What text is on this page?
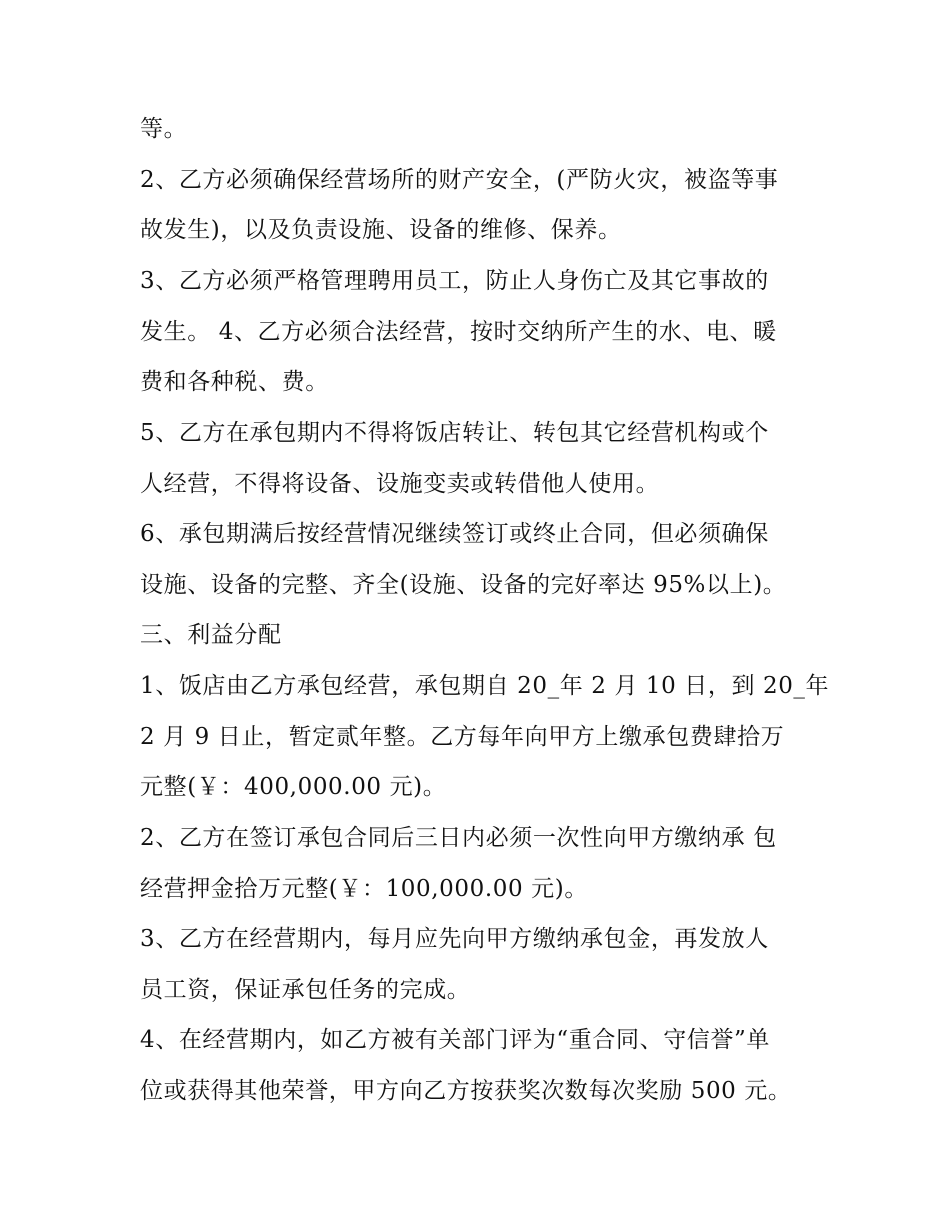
等。
2、乙方必须确保经营场所的财产安全，(严防火灾，被盗等事
故发生)，以及负责设施、设备的维修、保养。
3、乙方必须严格管理聘用员工，防止人身伤亡及其它事故的
发生。 4、乙方必须合法经营，按时交纳所产生的水、电、暖
费和各种税、费。
5、乙方在承包期内不得将饭店转让、转包其它经营机构或个
人经营，不得将设备、设施变卖或转借他人使用。
6、承包期满后按经营情况继续签订或终止合同，但必须确保
设施、设备的完整、齐全(设施、设备的完好率达 95%以上)。
三、利益分配
1、饭店由乙方承包经营，承包期自 20_年 2 月 10 日，到 20_年
2 月 9 日止，暂定贰年整。乙方每年向甲方上缴承包费肆拾万
元整(￥：400,000.00 元)。
2、乙方在签订承包合同后三日内必须一次性向甲方缴纳承 包
经营押金拾万元整(￥：100,000.00 元)。
3、乙方在经营期内，每月应先向甲方缴纳承包金，再发放人
员工资，保证承包任务的完成。
4、在经营期内，如乙方被有关部门评为“重合同、守信誉”单
位或获得其他荣誉，甲方向乙方按获奖次数每次奖励 500 元。
